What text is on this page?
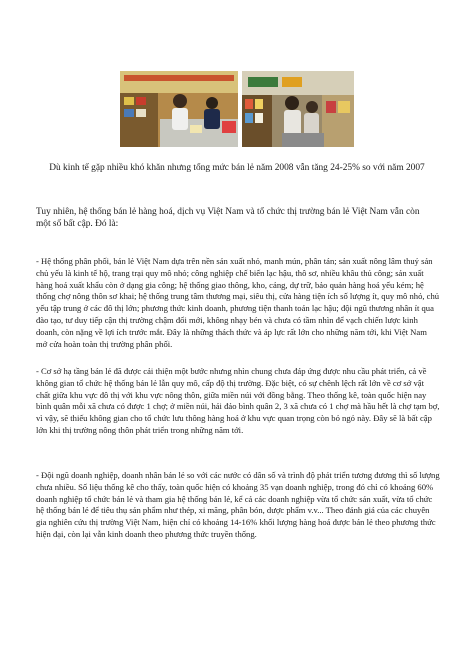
Dù kinh tế gặp nhiều khó khăn nhưng tổng mức bán lẻ năm 2008 vẫn tăng 24-25% so với năm 2007
Tuy nhiên, hệ thống bán lẻ hàng hoá, dịch vụ Việt Nam và tổ chức thị trường bán lẻ Việt Nam vẫn còn một số bất cập. Đó là:
- Hệ thống phân phối, bán lẻ Việt Nam dựa trên nền sản xuất nhỏ, manh mún, phân tán; sản xuất nông lâm thuỷ sản chủ yếu là kinh tế hộ, trang trại quy mô nhỏ; công nghiệp chế biến lạc hậu, thô sơ, nhiều khâu thủ công; sản xuất hàng hoá xuất khẩu còn ở dạng gia công; hệ thống giao thông, kho, cảng, dự trữ, bảo quản hàng hoá yếu kém; hệ thống chợ nông thôn sơ khai; hệ thống trung tâm thương mại, siêu thị, cửa hàng tiện ích số lượng ít, quy mô nhỏ, chủ yếu tập trung ở các đô thị lớn; phương thức kinh doanh, phương tiện thanh toán lạc hậu; đội ngũ thương nhân ít qua đào tạo, tư duy tiếp cận thị trường chậm đổi mới, không nhạy bén và chưa có tầm nhìn để vạch chiến lược kinh doanh, còn nặng về lợi ích trước mắt. Đây là những thách thức và áp lực rất lớn cho những năm tới, khi Việt Nam mở cửa hoàn toàn thị trường phân phối.
- Cơ sở hạ tầng bán lẻ đã được cải thiện một bước nhưng nhìn chung chưa đáp ứng được nhu cầu phát triển, cả về không gian tổ chức hệ thống bán lẻ lẫn quy mô, cấp độ thị trường. Đặc biệt, có sự chênh lệch rất lớn về cơ sở vật chất giữa khu vực đô thị với khu vực nông thôn, giữa miền núi với đồng bằng. Theo thống kê, toàn quốc hiện nay bình quân mỗi xã chưa có được 1 chợ; ở miền núi, hải đảo bình quân 2, 3 xã chưa có 1 chợ mà hầu hết là chợ tạm bợ, vì vậy, sẽ thiếu không gian cho tổ chức lưu thông hàng hoá ở khu vực quan trọng còn bỏ ngỏ này. Đây sẽ là bất cập lớn khi thị trường nông thôn phát triển trong những năm tới.
- Đội ngũ doanh nghiệp, doanh nhân bán lẻ so với các nước có dân số và trình độ phát triển tương đương thì số lượng chưa nhiều. Số liệu thống kê cho thấy, toàn quốc hiện có khoảng 35 vạn doanh nghiệp, trong đó chỉ có khoảng 60% doanh nghiệp tổ chức bán lẻ và tham gia hệ thống bán lẻ, kể cả các doanh nghiệp vừa tổ chức sản xuất, vừa tổ chức hệ thống bán lẻ để tiêu thụ sản phẩm như thép, xi măng, phân bón, dược phẩm v.v... Theo đánh giá của các chuyên gia nghiên cứu thị trường Việt Nam, hiện chỉ có khoảng 14-16% khối lượng hàng hoá được bán lẻ theo phương thức hiện đại, còn lại vẫn kinh doanh theo phương thức truyền thống.
